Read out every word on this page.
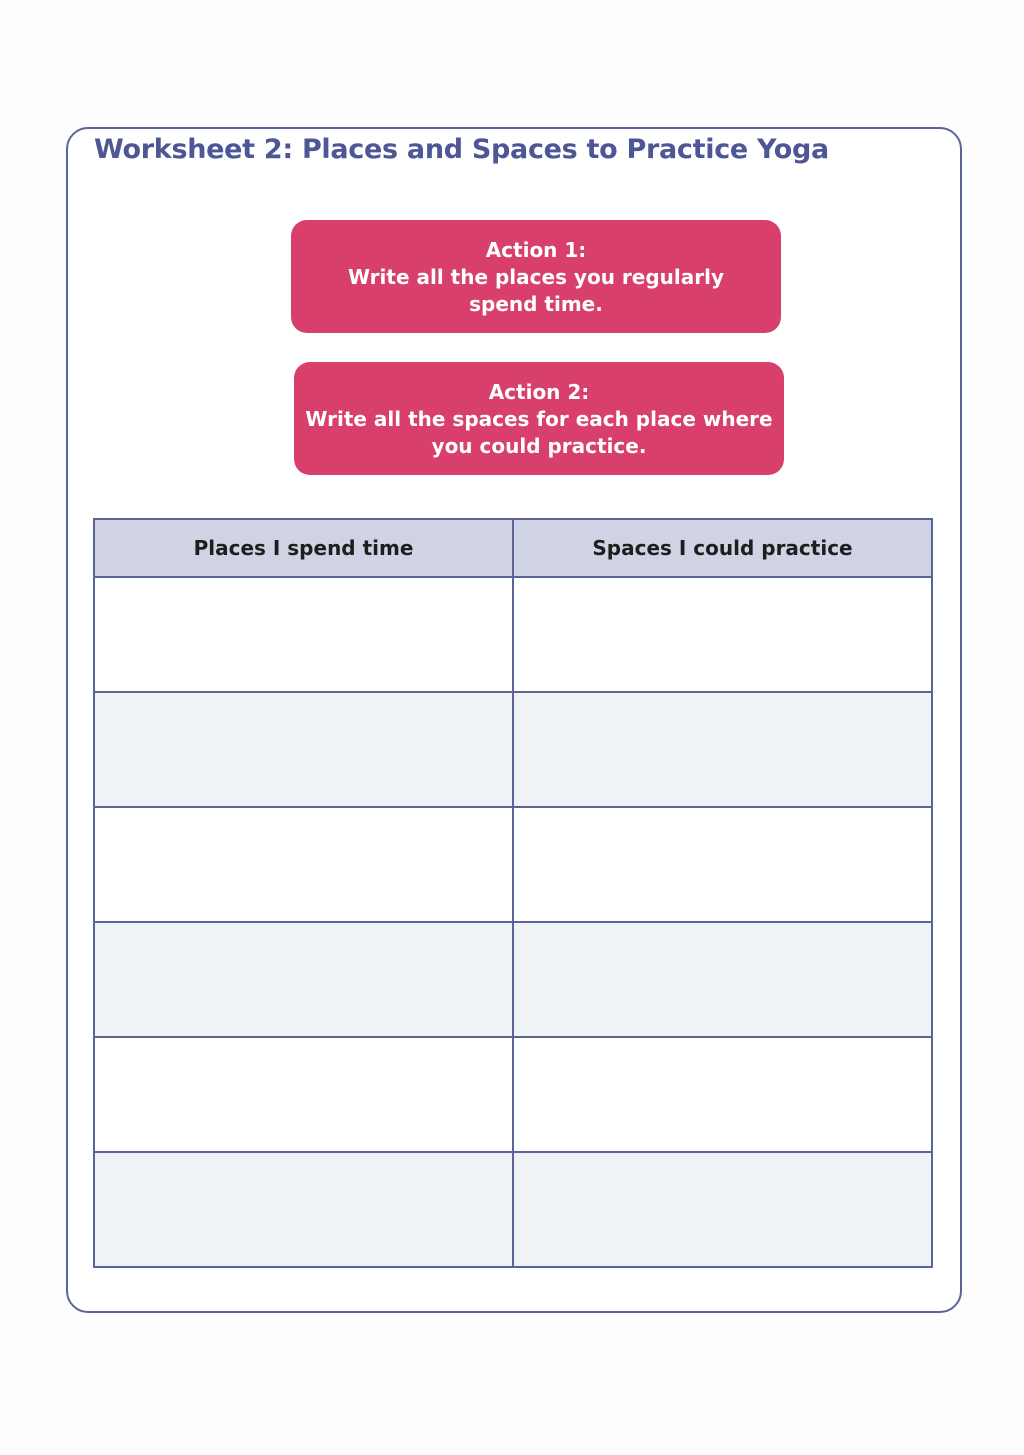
Worksheet 2: Places and Spaces to Practice Yoga
Action 1:
Write all the places you regularly spend time.
Action 2:
Write all the spaces for each place where you could practice.
Places I spend time	Spaces I could practice
